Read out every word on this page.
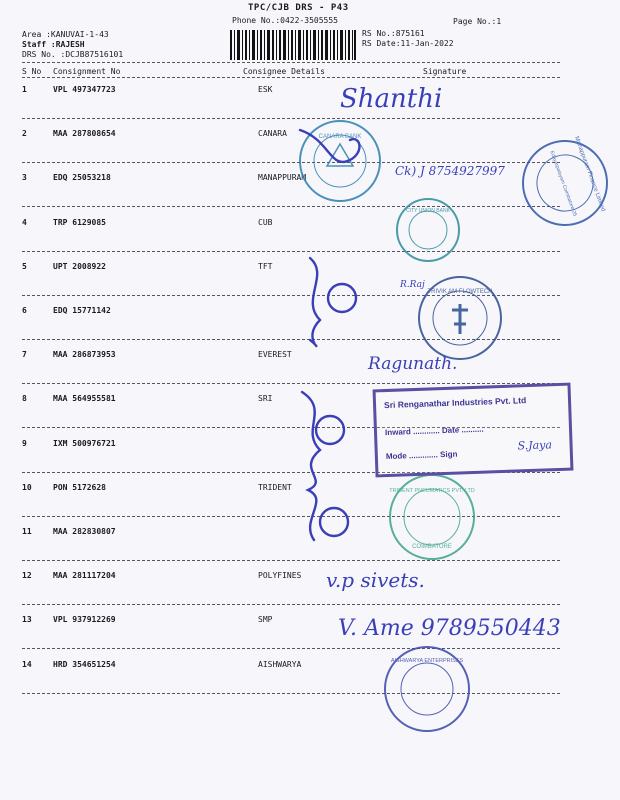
TPC/CJB DRS - P43
Phone No.:0422-3505555	Page No.:1
Area :KANUVAI-1-43
Staff :RAJESH
DRS No. :DCJB87516101
RS No.:875161
RS Date:11-Jan-2022
S No Consignment No	Consignee Details	Signature
1	VPL 497347723	ESK
2	MAA 287808654	CANARA
3	EDQ 25053218	MANAPPURAM
4	TRP 6129085	CUB
5	UPT 2008922	TFT
6	EDQ 15771142
7	MAA 286873953	EVEREST
8	MAA 564955581	SRI
9	IXM 500976721
10	PON 5172628	TRIDENT
11	MAA 282830807
12	MAA 281117204	POLYFINES
13	VPL 937912269	SMP
14	HRD 354651254	AISHWARYA
CANARA BANK	Manappuram Finance Limited
Edayarpalayam Coimbatore-25
CITY UNION BANK
TRIVIK AM FLOWTECH
TRIDENT PNEUMATICS PVT. LTD
COIMBATORE
AISHWARYA ENTERPRISES
Sri Renganathar Industries Pvt. Ltd
Inward ............ Date ..........
Mode ............. Sign
S.Jaya
Shanthi
Ck) J 8754927997
R.Raj
Ragunath.
v.p sivets.
V. Ame 9789550443
